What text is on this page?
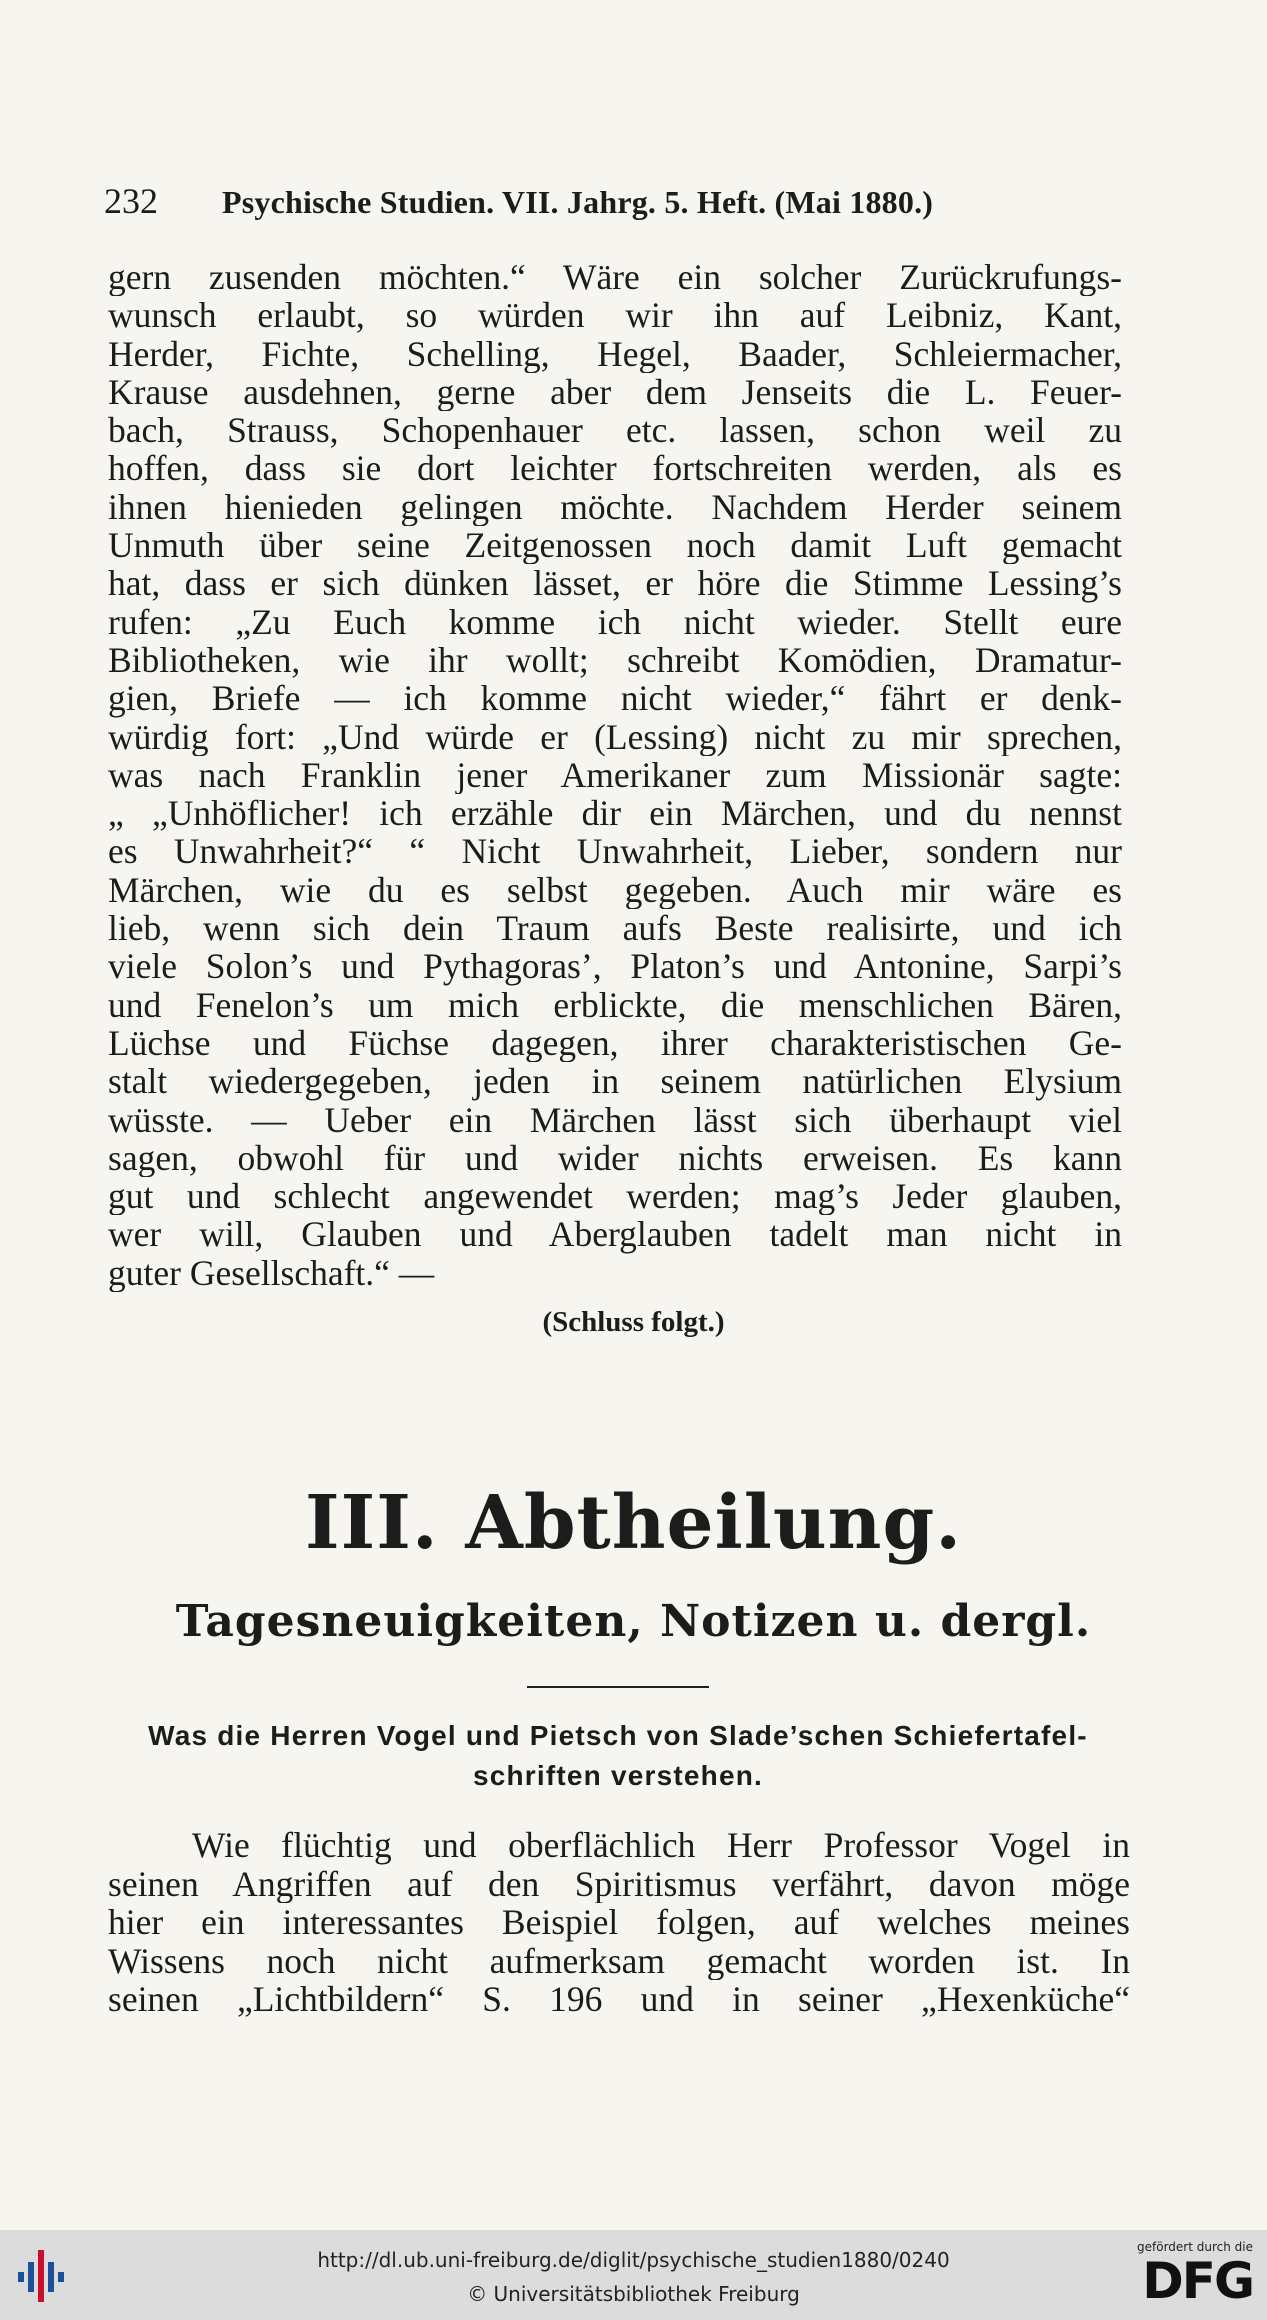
232 Psychische Studien. VII. Jahrg. 5. Heft. (Mai 1880.)
gern zusenden möchten.“ Wäre ein solcher Zurückrufungs-
wunsch erlaubt, so würden wir ihn auf Leibniz, Kant,
Herder, Fichte, Schelling, Hegel, Baader, Schleiermacher,
Krause ausdehnen, gerne aber dem Jenseits die L. Feuer-
bach, Strauss, Schopenhauer etc. lassen, schon weil zu
hoffen, dass sie dort leichter fortschreiten werden, als es
ihnen hienieden gelingen möchte. Nachdem Herder seinem
Unmuth über seine Zeitgenossen noch damit Luft gemacht
hat, dass er sich dünken lässet, er höre die Stimme Lessing’s
rufen: „Zu Euch komme ich nicht wieder. Stellt eure
Bibliotheken, wie ihr wollt; schreibt Komödien, Dramatur-
gien, Briefe — ich komme nicht wieder,“ fährt er denk-
würdig fort: „Und würde er (Lessing) nicht zu mir sprechen,
was nach Franklin jener Amerikaner zum Missionär sagte:
„ „Unhöflicher! ich erzähle dir ein Märchen, und du nennst
es Unwahrheit?“ “ Nicht Unwahrheit, Lieber, sondern nur
Märchen, wie du es selbst gegeben. Auch mir wäre es
lieb, wenn sich dein Traum aufs Beste realisirte, und ich
viele Solon’s und Pythagoras’, Platon’s und Antonine, Sarpi’s
und Fenelon’s um mich erblickte, die menschlichen Bären,
Lüchse und Füchse dagegen, ihrer charakteristischen Ge-
stalt wiedergegeben, jeden in seinem natürlichen Elysium
wüsste. — Ueber ein Märchen lässt sich überhaupt viel
sagen, obwohl für und wider nichts erweisen. Es kann
gut und schlecht angewendet werden; mag’s Jeder glauben,
wer will, Glauben und Aberglauben tadelt man nicht in
guter Gesellschaft.“ —
(Schluss folgt.)
III. Abtheilung.
Tagesneuigkeiten, Notizen u. dergl.
Was die Herren Vogel und Pietsch von Slade’schen Schiefertafel-
schriften verstehen.
Wie flüchtig und oberflächlich Herr Professor Vogel in
seinen Angriffen auf den Spiritismus verfährt, davon möge
hier ein interessantes Beispiel folgen, auf welches meines
Wissens noch nicht aufmerksam gemacht worden ist. In
seinen „Lichtbildern“ S. 196 und in seiner „Hexenküche“
http://dl.ub.uni-freiburg.de/diglit/psychische_studien1880/0240
© Universitätsbibliothek Freiburg
gefördert durch die
DFG
